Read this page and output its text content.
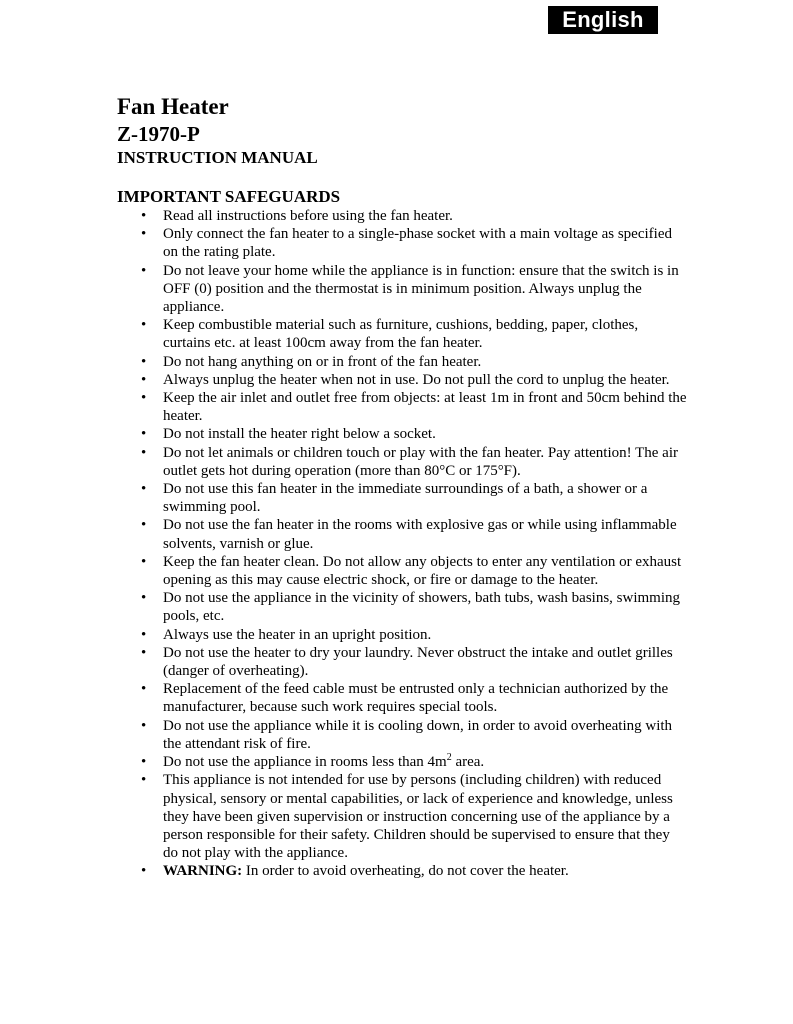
English
Fan Heater
Z-1970-P
INSTRUCTION MANUAL
IMPORTANT SAFEGUARDS
• Read all instructions before using the fan heater.
• Only connect the fan heater to a single-phase socket with a main voltage as specified on the rating plate.
• Do not leave your home while the appliance is in function: ensure that the switch is in OFF (0) position and the thermostat is in minimum position. Always unplug the appliance.
• Keep combustible material such as furniture, cushions, bedding, paper, clothes, curtains etc. at least 100cm away from the fan heater.
• Do not hang anything on or in front of the fan heater.
• Always unplug the heater when not in use. Do not pull the cord to unplug the heater.
• Keep the air inlet and outlet free from objects: at least 1m in front and 50cm behind the heater.
• Do not install the heater right below a socket.
• Do not let animals or children touch or play with the fan heater. Pay attention! The air outlet gets hot during operation (more than 80°C or 175°F).
• Do not use this fan heater in the immediate surroundings of a bath, a shower or a swimming pool.
• Do not use the fan heater in the rooms with explosive gas or while using inflammable solvents, varnish or glue.
• Keep the fan heater clean. Do not allow any objects to enter any ventilation or exhaust opening as this may cause electric shock, or fire or damage to the heater.
• Do not use the appliance in the vicinity of showers, bath tubs, wash basins, swimming pools, etc.
• Always use the heater in an upright position.
• Do not use the heater to dry your laundry. Never obstruct the intake and outlet grilles (danger of overheating).
• Replacement of the feed cable must be entrusted only a technician authorized by the manufacturer, because such work requires special tools.
• Do not use the appliance while it is cooling down, in order to avoid overheating with the attendant risk of fire.
• Do not use the appliance in rooms less than $4m^2$ area.
• This appliance is not intended for use by persons (including children) with reduced physical, sensory or mental capabilities, or lack of experience and knowledge, unless they have been given supervision or instruction concerning use of the appliance by a person responsible for their safety. Children should be supervised to ensure that they do not play with the appliance.
• WARNING: In order to avoid overheating, do not cover the heater.
